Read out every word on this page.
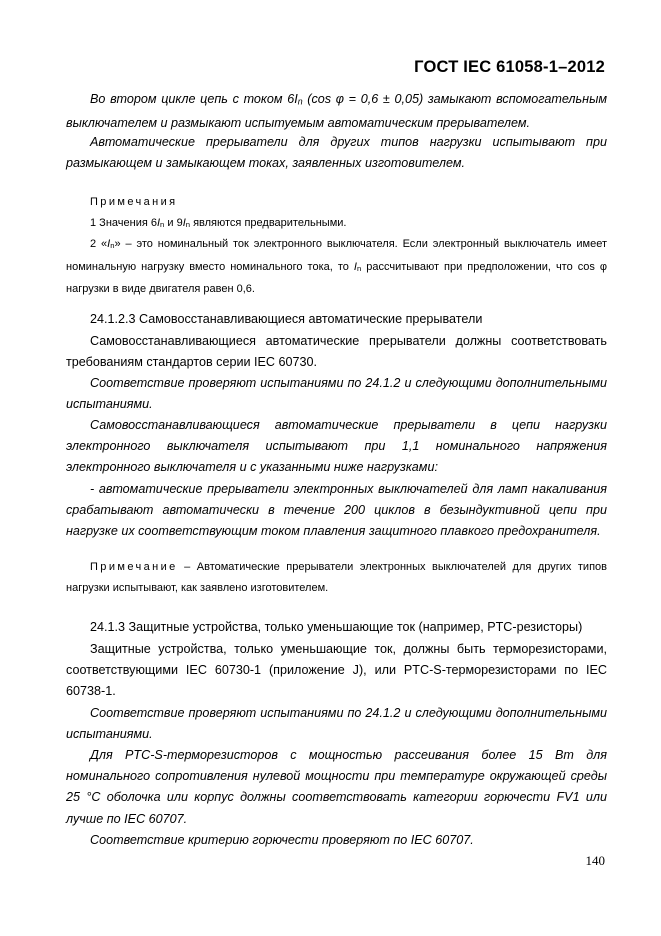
ГОСТ IEC 61058-1–2012

Во втором цикле цепь с током 6In (cos φ = 0,6 ± 0,05) замыкают вспомогательным выключателем и размыкают испытуемым автоматическим прерывателем.

Автоматические прерыватели для других типов нагрузки испытывают при размыкающем и замыкающем токах, заявленных изготовителем.

Примечания

1 Значения 6In и 9In являются предварительными.

2 «In» – это номинальный ток электронного выключателя. Если электронный выключатель имеет номинальную нагрузку вместо номинального тока, то In рассчитывают при предположении, что cos φ нагрузки в виде двигателя равен 0,6.

24.1.2.3 Самовосстанавливающиеся автоматические прерыватели

Самовосстанавливающиеся автоматические прерыватели должны соответствовать требованиям стандартов серии IEC 60730.

Соответствие проверяют испытаниями по 24.1.2 и следующими дополнительными испытаниями.

Самовосстанавливающиеся автоматические прерыватели в цепи нагрузки электронного выключателя испытывают при 1,1 номинального напряжения электронного выключателя и с указанными ниже нагрузками:

- автоматические прерыватели электронных выключателей для ламп накаливания срабатывают автоматически в течение 200 циклов в безындуктивной цепи при нагрузке их соответствующим током плавления защитного плавкого предохранителя.

Примечание – Автоматические прерыватели электронных выключателей для других типов нагрузки испытывают, как заявлено изготовителем.

24.1.3 Защитные устройства, только уменьшающие ток (например, PTC-резисторы)

Защитные устройства, только уменьшающие ток, должны быть терморезисторами, соответствующими IEC 60730-1 (приложение J), или PTC-S-терморезисторами по IEC 60738-1.

Соответствие проверяют испытаниями по 24.1.2 и следующими дополнительными испытаниями.

Для PTC-S-терморезисторов с мощностью рассеивания более 15 Вт для номинального сопротивления нулевой мощности при температуре окружающей среды 25 °С оболочка или корпус должны соответствовать категории горючести FV1 или лучше по IEC 60707.

Соответствие критерию горючести проверяют по IEC 60707.

140
